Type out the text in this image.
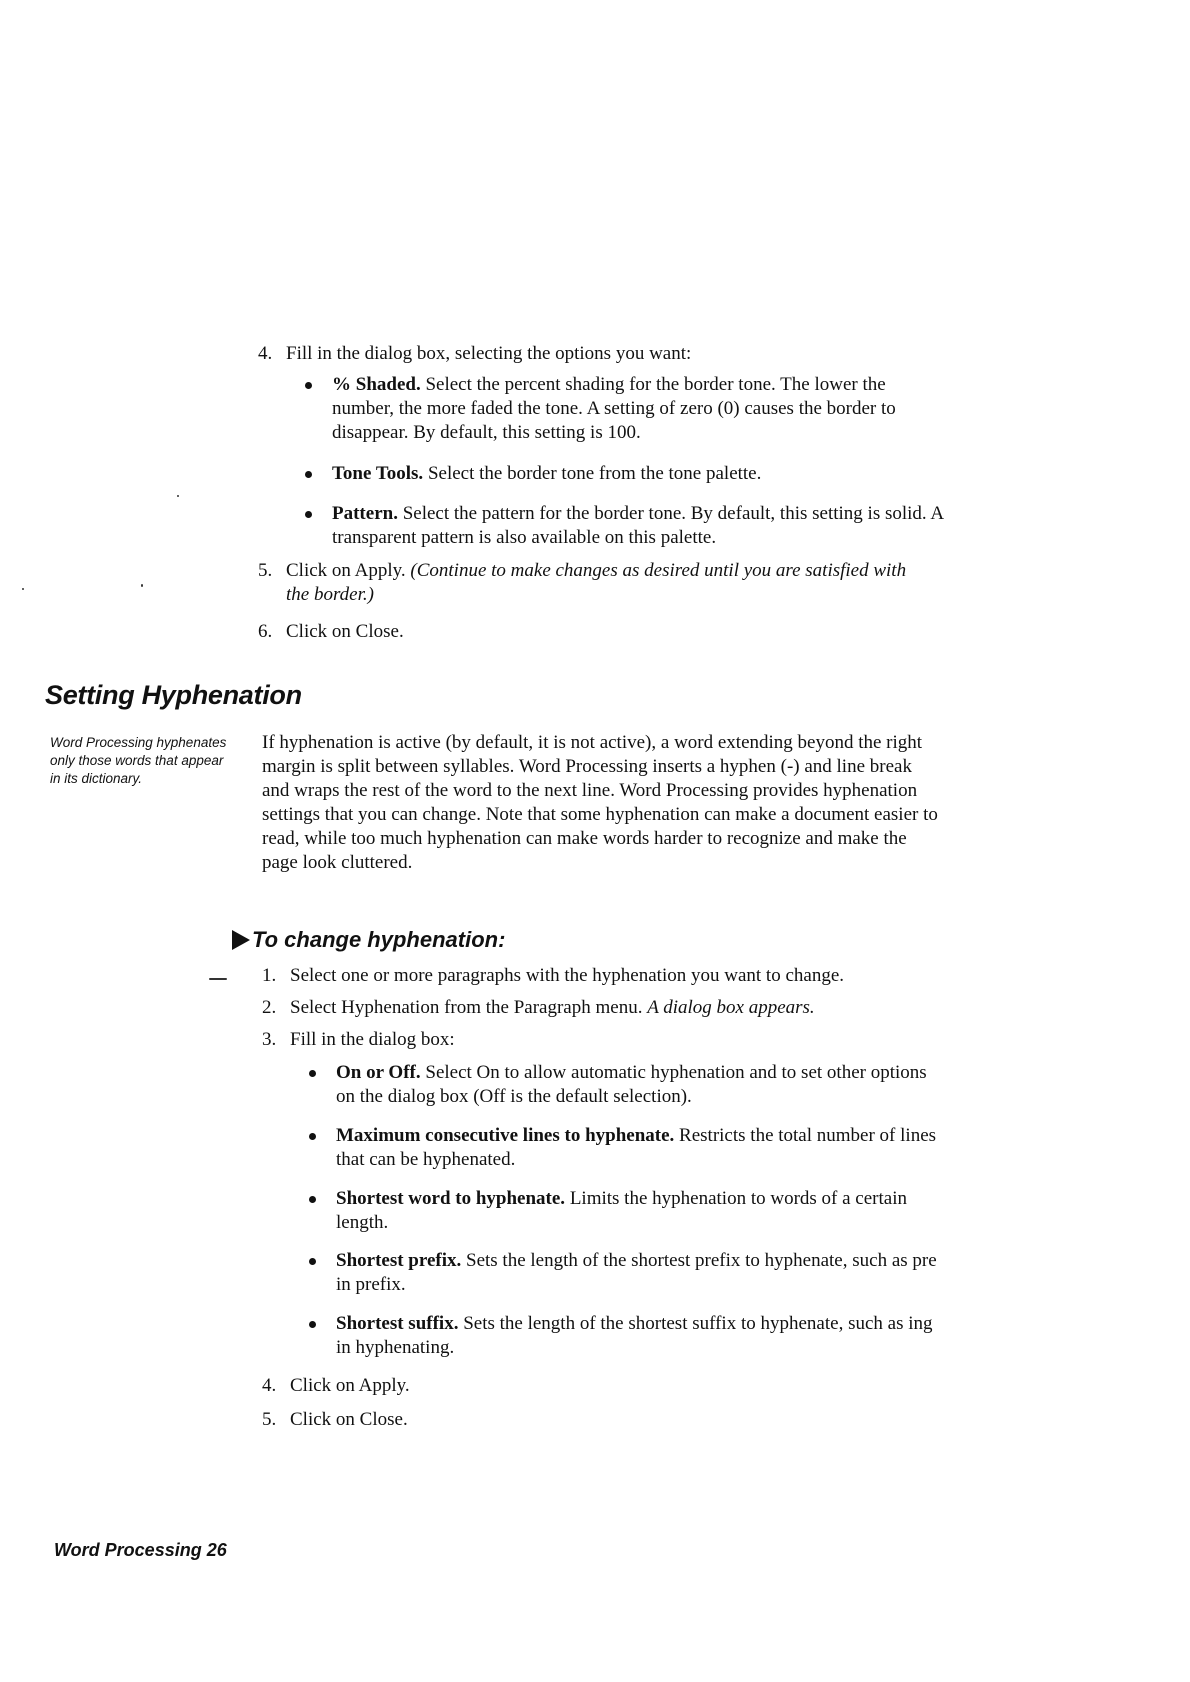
4. Fill in the dialog box, selecting the options you want:
% Shaded. Select the percent shading for the border tone. The lower the number, the more faded the tone. A setting of zero (0) causes the border to disappear. By default, this setting is 100.
Tone Tools. Select the border tone from the tone palette.
Pattern. Select the pattern for the border tone. By default, this setting is solid. A transparent pattern is also available on this palette.
5. Click on Apply. (Continue to make changes as desired until you are satisfied with the border.)
6. Click on Close.
Setting Hyphenation
Word Processing hyphenates only those words that appear in its dictionary.
If hyphenation is active (by default, it is not active), a word extending beyond the right margin is split between syllables. Word Processing inserts a hyphen (-) and line break and wraps the rest of the word to the next line. Word Processing provides hyphenation settings that you can change. Note that some hyphenation can make a document easier to read, while too much hyphenation can make words harder to recognize and make the page look cluttered.
To change hyphenation:
1. Select one or more paragraphs with the hyphenation you want to change.
2. Select Hyphenation from the Paragraph menu. A dialog box appears.
3. Fill in the dialog box:
On or Off. Select On to allow automatic hyphenation and to set other options on the dialog box (Off is the default selection).
Maximum consecutive lines to hyphenate. Restricts the total number of lines that can be hyphenated.
Shortest word to hyphenate. Limits the hyphenation to words of a certain length.
Shortest prefix. Sets the length of the shortest prefix to hyphenate, such as pre in prefix.
Shortest suffix. Sets the length of the shortest suffix to hyphenate, such as ing in hyphenating.
4. Click on Apply.
5. Click on Close.
Word Processing 26
